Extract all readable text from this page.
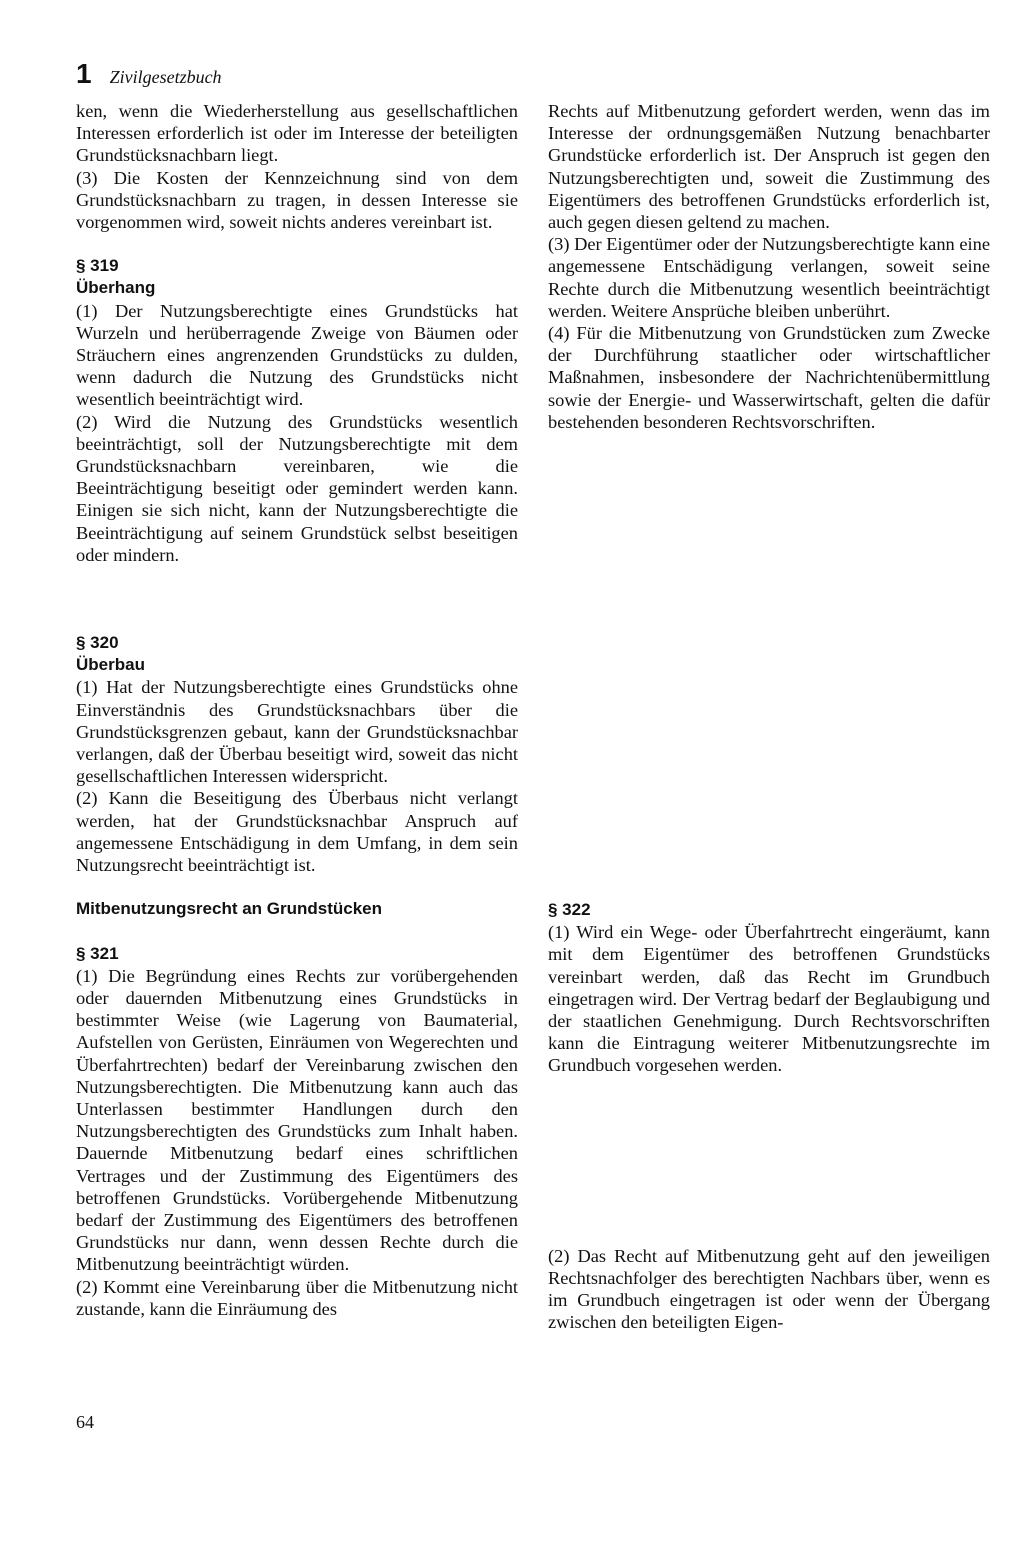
1 Zivilgesetzbuch

ken, wenn die Wiederherstellung aus gesellschaftlichen Interessen erforderlich ist oder im Interesse der beteiligten Grundstücksnachbarn liegt.

(3) Die Kosten der Kennzeichnung sind von dem Grundstücksnachbarn zu tragen, in dessen Interesse sie vorgenommen wird, soweit nichts anderes vereinbart ist.

§ 319
Überhang

(1) Der Nutzungsberechtigte eines Grundstücks hat Wurzeln und herüberragende Zweige von Bäumen oder Sträuchern eines angrenzenden Grundstücks zu dulden, wenn dadurch die Nutzung des Grundstücks nicht wesentlich beeinträchtigt wird.

(2) Wird die Nutzung des Grundstücks wesentlich beeinträchtigt, soll der Nutzungsberechtigte mit dem Grundstücksnachbarn vereinbaren, wie die Beeinträchtigung beseitigt oder gemindert werden kann. Einigen sie sich nicht, kann der Nutzungsberechtigte die Beeinträchtigung auf seinem Grundstück selbst beseitigen oder mindern.

§ 320
Überbau

(1) Hat der Nutzungsberechtigte eines Grundstücks ohne Einverständnis des Grundstücksnachbars über die Grundstücksgrenzen gebaut, kann der Grundstücksnachbar verlangen, daß der Überbau beseitigt wird, soweit das nicht gesellschaftlichen Interessen widerspricht.

(2) Kann die Beseitigung des Überbaus nicht verlangt werden, hat der Grundstücksnachbar Anspruch auf angemessene Entschädigung in dem Umfang, in dem sein Nutzungsrecht beeinträchtigt ist.

Mitbenutzungsrecht an Grundstücken
§ 321

(1) Die Begründung eines Rechts zur vorübergehenden oder dauernden Mitbenutzung eines Grundstücks in bestimmter Weise (wie Lagerung von Baumaterial, Aufstellen von Gerüsten, Einräumen von Wegerechten und Überfahrtrechten) bedarf der Vereinbarung zwischen den Nutzungsberechtigten. Die Mitbenutzung kann auch das Unterlassen bestimmter Handlungen durch den Nutzungsberechtigten des Grundstücks zum Inhalt haben. Dauernde Mitbenutzung bedarf eines schriftlichen Vertrages und der Zustimmung des Eigentümers des betroffenen Grundstücks. Vorübergehende Mitbenutzung bedarf der Zustimmung des Eigentümers des betroffenen Grundstücks nur dann, wenn dessen Rechte durch die Mitbenutzung beeinträchtigt würden.

(2) Kommt eine Vereinbarung über die Mitbenutzung nicht zustande, kann die Einräumung des

Rechts auf Mitbenutzung gefordert werden, wenn das im Interesse der ordnungsgemäßen Nutzung benachbarter Grundstücke erforderlich ist. Der Anspruch ist gegen den Nutzungsberechtigten und, soweit die Zustimmung des Eigentümers des betroffenen Grundstücks erforderlich ist, auch gegen diesen geltend zu machen.

(3) Der Eigentümer oder der Nutzungsberechtigte kann eine angemessene Entschädigung verlangen, soweit seine Rechte durch die Mitbenutzung wesentlich beeinträchtigt werden. Weitere Ansprüche bleiben unberührt.

(4) Für die Mitbenutzung von Grundstücken zum Zwecke der Durchführung staatlicher oder wirtschaftlicher Maßnahmen, insbesondere der Nachrichtenübermittlung sowie der Energie- und Wasserwirtschaft, gelten die dafür bestehenden besonderen Rechtsvorschriften.

§ 322

(1) Wird ein Wege- oder Überfahrtrecht eingeräumt, kann mit dem Eigentümer des betroffenen Grundstücks vereinbart werden, daß das Recht im Grundbuch eingetragen wird. Der Vertrag bedarf der Beglaubigung und der staatlichen Genehmigung. Durch Rechtsvorschriften kann die Eintragung weiterer Mitbenutzungsrechte im Grundbuch vorgesehen werden.

(2) Das Recht auf Mitbenutzung geht auf den jeweiligen Rechtsnachfolger des berechtigten Nachbars über, wenn es im Grundbuch eingetragen ist oder wenn der Übergang zwischen den beteiligten Eigen-

64
